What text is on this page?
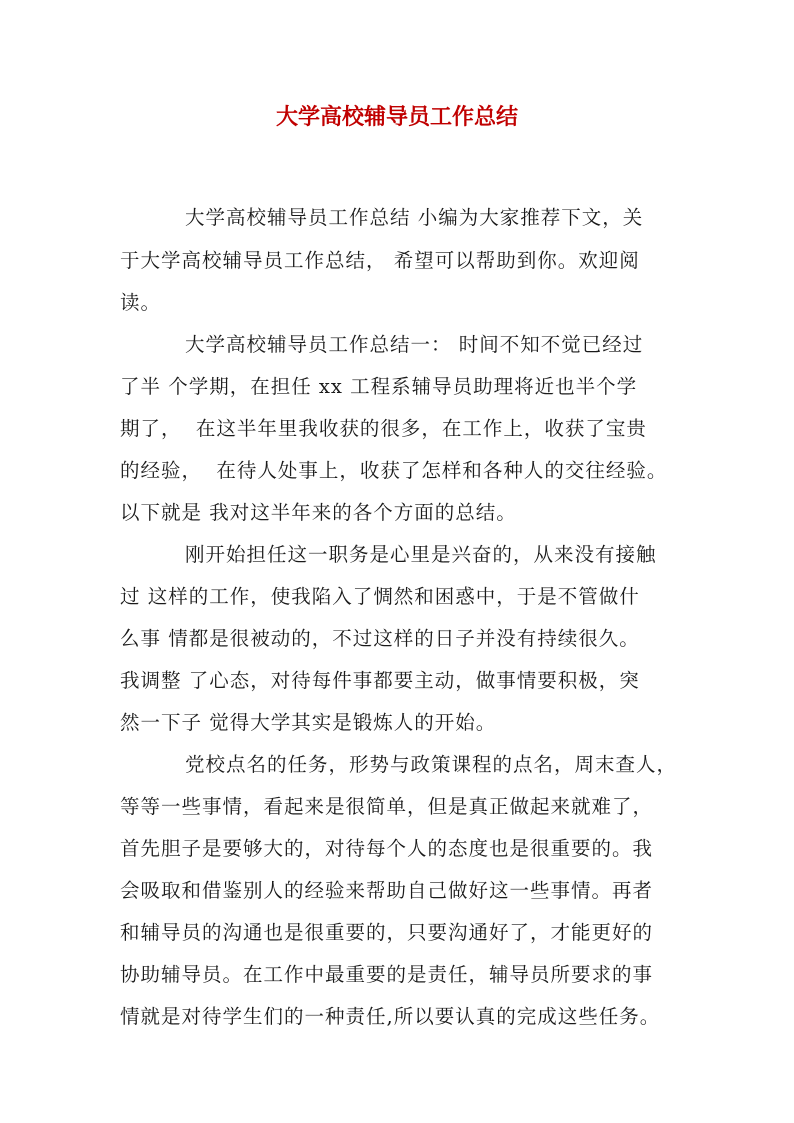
大学高校辅导员工作总结
大学高校辅导员工作总结 小编为大家推荐下文，关
于大学高校辅导员工作总结， 希望可以帮助到你。欢迎阅
读。
大学高校辅导员工作总结一： 时间不知不觉已经过
了半 个学期，在担任 xx 工程系辅导员助理将近也半个学
期了，  在这半年里我收获的很多，在工作上，收获了宝贵
的经验，  在待人处事上，收获了怎样和各种人的交往经验。
以下就是 我对这半年来的各个方面的总结。
刚开始担任这一职务是心里是兴奋的，从来没有接触
过 这样的工作，使我陷入了惆然和困惑中，于是不管做什
么事 情都是很被动的，不过这样的日子并没有持续很久。
我调整 了心态，对待每件事都要主动，做事情要积极，突
然一下子 觉得大学其实是锻炼人的开始。
党校点名的任务，形势与政策课程的点名，周末查人，
等等一些事情，看起来是很简单，但是真正做起来就难了，
首先胆子是要够大的，对待每个人的态度也是很重要的。我
会吸取和借鉴别人的经验来帮助自己做好这一些事情。再者
和辅导员的沟通也是很重要的，只要沟通好了，才能更好的
协助辅导员。在工作中最重要的是责任，辅导员所要求的事
情就是对待学生们的一种责任,所以要认真的完成这些任务。
